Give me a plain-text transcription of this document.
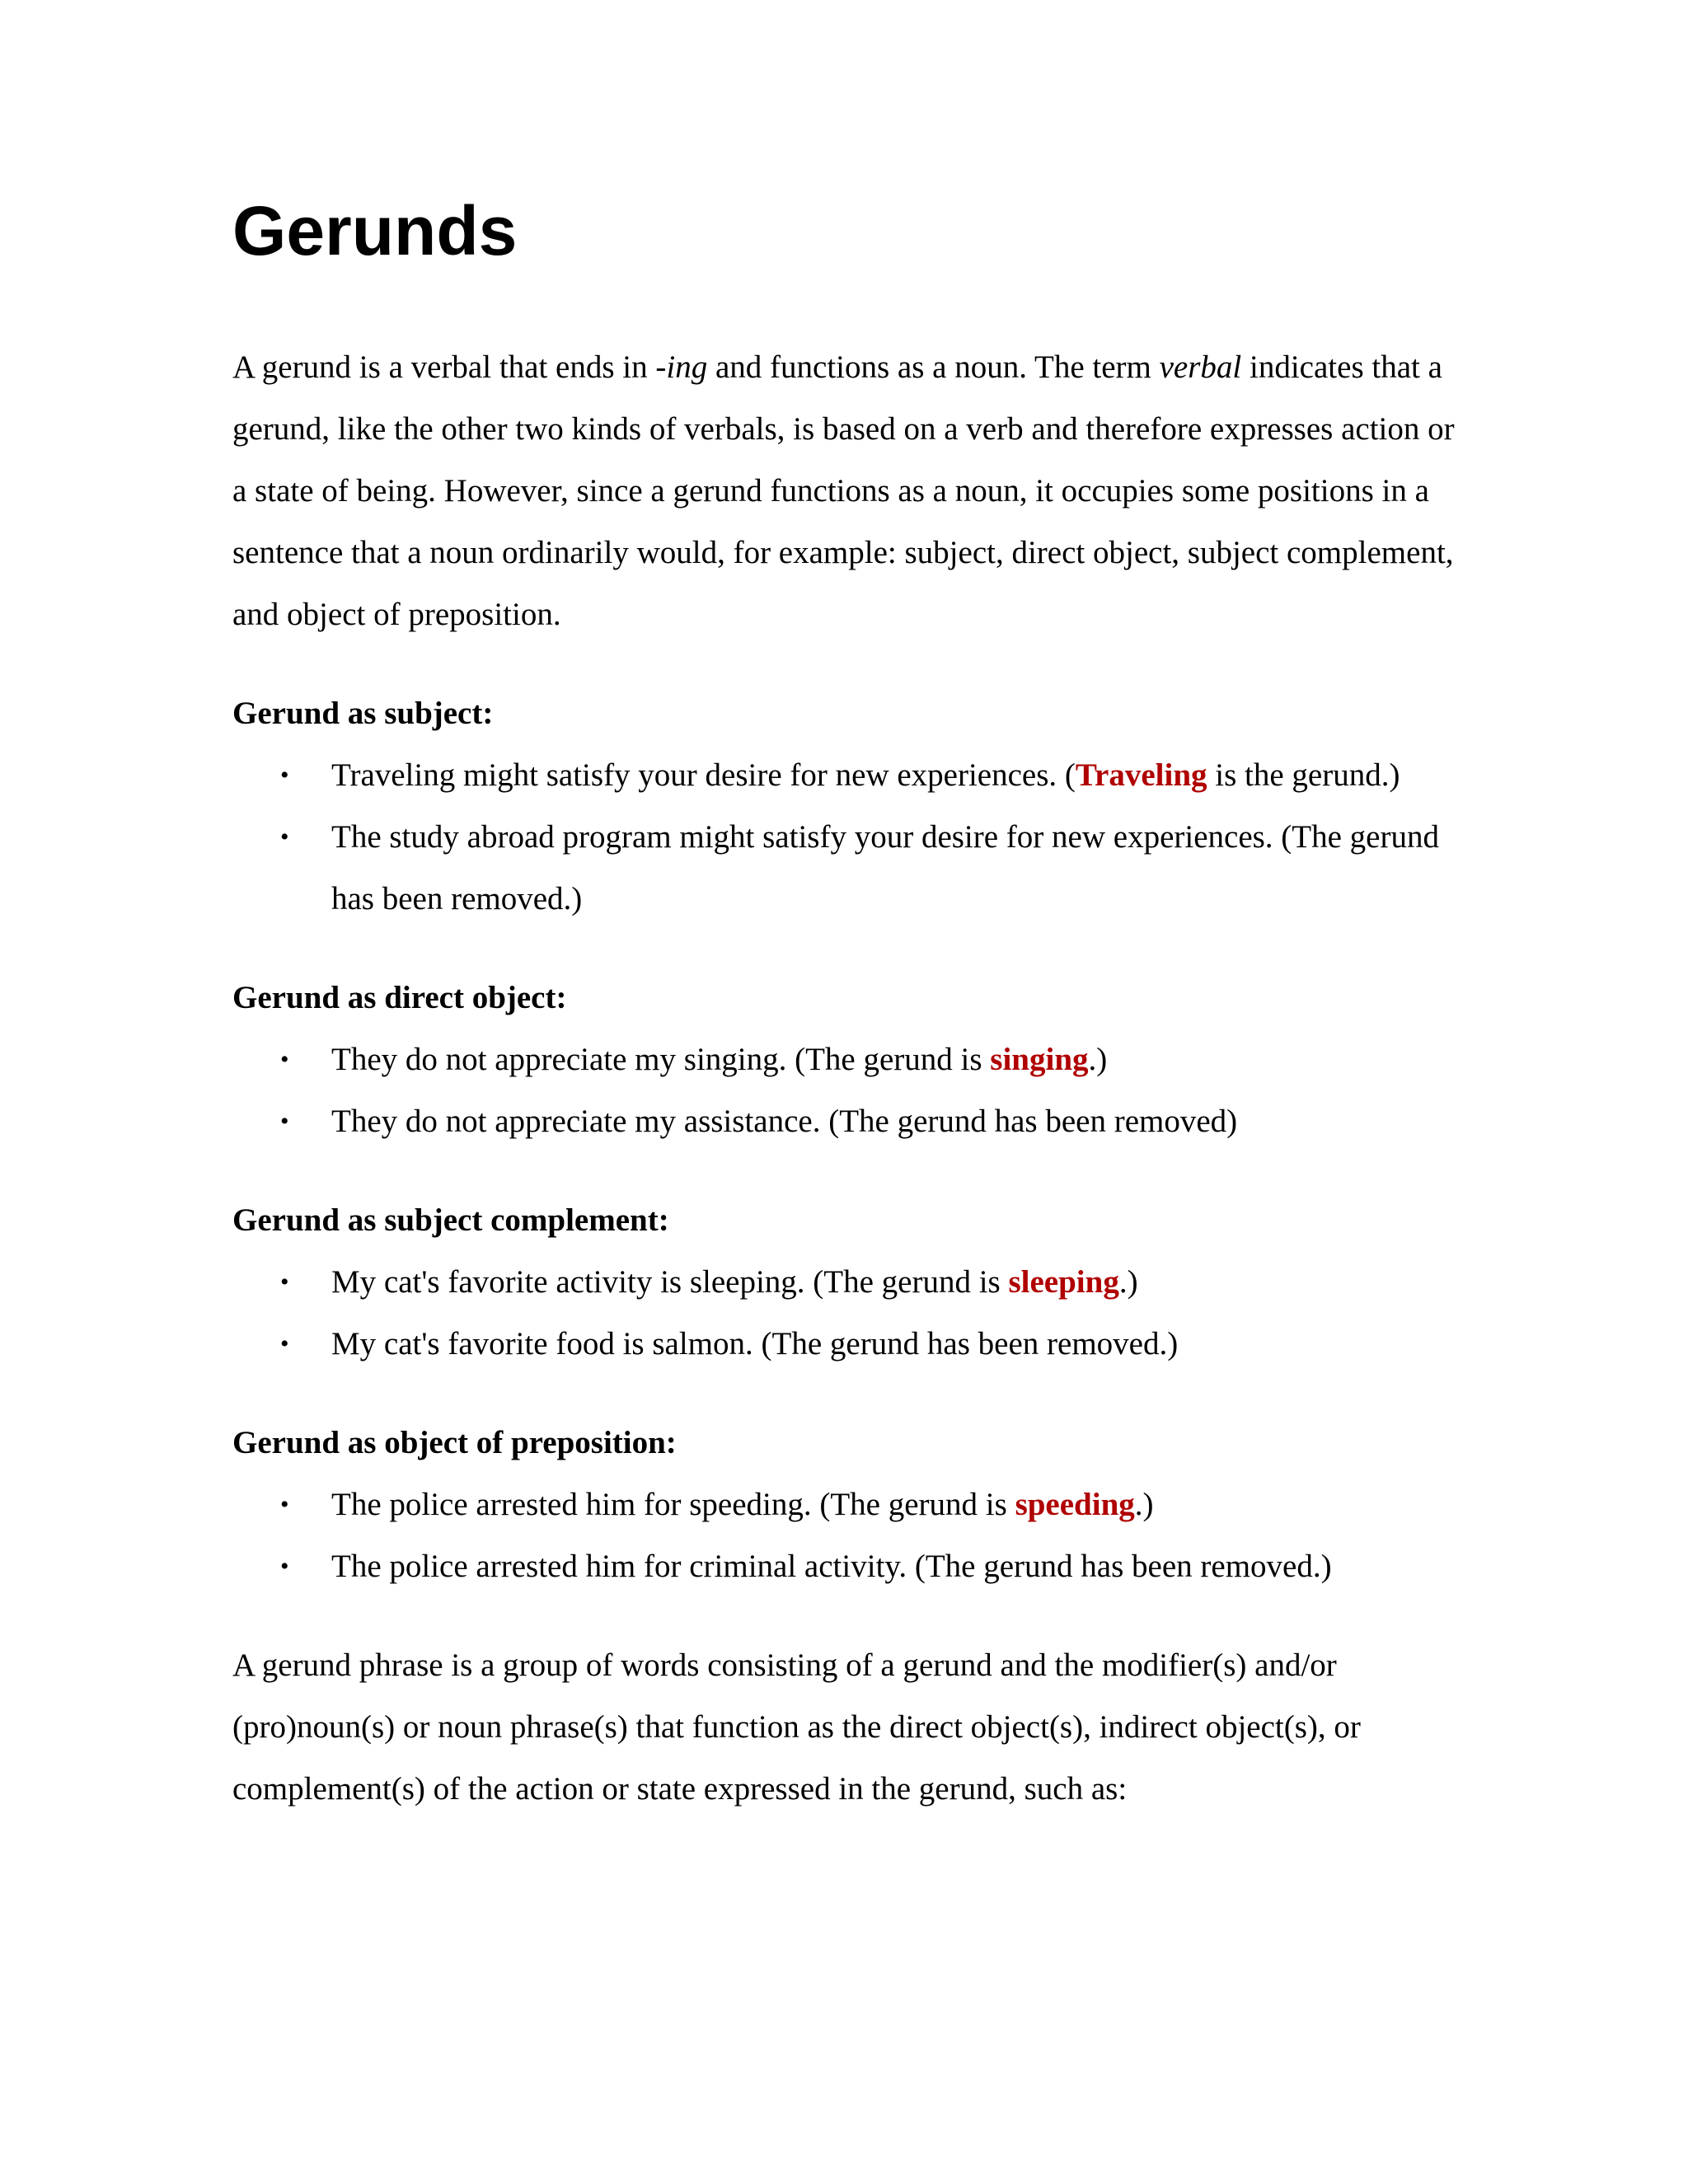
Gerunds

A gerund is a verbal that ends in -ing and functions as a noun. The term verbal indicates that a gerund, like the other two kinds of verbals, is based on a verb and therefore expresses action or a state of being. However, since a gerund functions as a noun, it occupies some positions in a sentence that a noun ordinarily would, for example: subject, direct object, subject complement, and object of preposition.

Gerund as subject:

• Traveling might satisfy your desire for new experiences. (Traveling is the gerund.)
• The study abroad program might satisfy your desire for new experiences. (The gerund has been removed.)

Gerund as direct object:

• They do not appreciate my singing. (The gerund is singing.)
• They do not appreciate my assistance. (The gerund has been removed)

Gerund as subject complement:

• My cat's favorite activity is sleeping. (The gerund is sleeping.)
• My cat's favorite food is salmon. (The gerund has been removed.)

Gerund as object of preposition:

• The police arrested him for speeding. (The gerund is speeding.)
• The police arrested him for criminal activity. (The gerund has been removed.)

A gerund phrase is a group of words consisting of a gerund and the modifier(s) and/or (pro)noun(s) or noun phrase(s) that function as the direct object(s), indirect object(s), or complement(s) of the action or state expressed in the gerund, such as:
